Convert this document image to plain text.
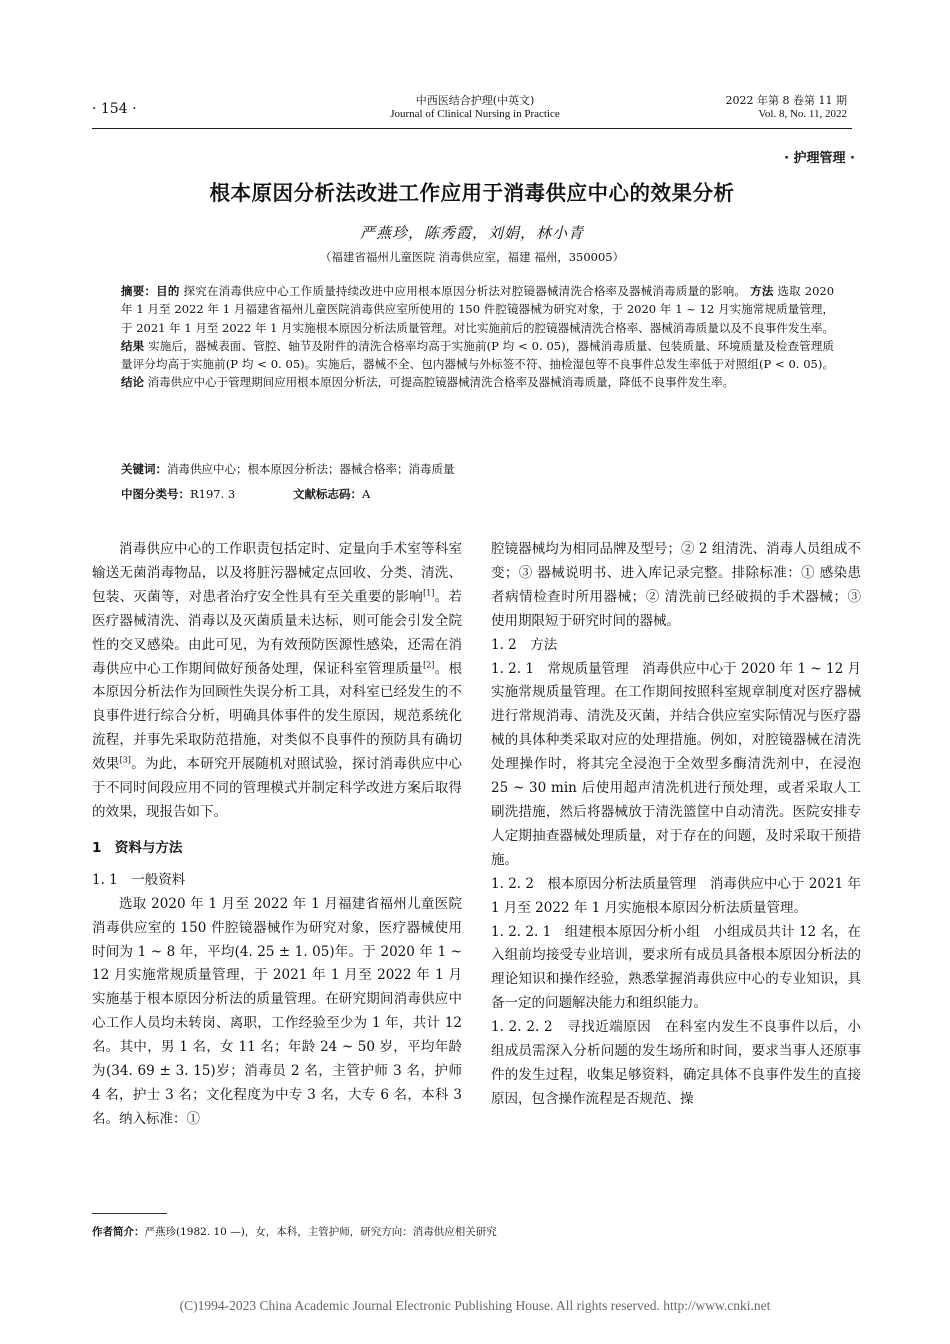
· 154 ·
中西医结合护理(中英文)
Journal of Clinical Nursing in Practice
2022 年第 8 卷第 11 期
Vol. 8, No. 11, 2022
· 护理管理 ·
根本原因分析法改进工作应用于消毒供应中心的效果分析
严燕珍，陈秀霞，刘娟，林小青
（福建省福州儿童医院 消毒供应室，福建 福州，350005）
摘要：目的 探究在消毒供应中心工作质量持续改进中应用根本原因分析法对腔镜器械清洗合格率及器械消毒质量的影响。 方法 选取 2020 年 1 月至 2022 年 1 月福建省福州儿童医院消毒供应室所使用的 150 件腔镜器械为研究对象，于 2020 年 1 ~ 12 月实施常规质量管理，于 2021 年 1 月至 2022 年 1 月实施根本原因分析法质量管理。对比实施前后的腔镜器械清洗合格率、器械消毒质量以及不良事件发生率。 结果 实施后，器械表面、管腔、轴节及附件的清洗合格率均高于实施前(P 均 < 0. 05)，器械消毒质量、包装质量、环境质量及检查管理质量评分均高于实施前(P 均 < 0. 05)。实施后，器械不全、包内器械与外标签不符、抽检湿包等不良事件总发生率低于对照组(P < 0. 05)。 结论 消毒供应中心于管理期间应用根本原因分析法，可提高腔镜器械清洗合格率及器械消毒质量，降低不良事件发生率。
关键词：消毒供应中心；根本原因分析法；器械合格率；消毒质量
中图分类号：R197. 3	文献标志码：A

消毒供应中心的工作职责包括定时、定量向手术室等科室输送无菌消毒物品，以及将脏污器械定点回收、分类、清洗、包装、灭菌等，对患者治疗安全性具有至关重要的影响[1]。若医疗器械清洗、消毒以及灭菌质量未达标，则可能会引发全院性的交叉感染。由此可见，为有效预防医源性感染，还需在消毒供应中心工作期间做好预备处理，保证科室管理质量[2]。根本原因分析法作为回顾性失误分析工具，对科室已经发生的不良事件进行综合分析，明确具体事件的发生原因，规范系统化流程，并事先采取防范措施，对类似不良事件的预防具有确切效果[3]。为此，本研究开展随机对照试验，探讨消毒供应中心于不同时间段应用不同的管理模式并制定科学改进方案后取得的效果，现报告如下。

1　资料与方法

1. 1　一般资料

选取 2020 年 1 月至 2022 年 1 月福建省福州儿童医院消毒供应室的 150 件腔镜器械作为研究对象，医疗器械使用时间为 1 ~ 8 年，平均(4. 25 ± 1. 05)年。于 2020 年 1 ~ 12 月实施常规质量管理，于 2021 年 1 月至 2022 年 1 月实施基于根本原因分析法的质量管理。在研究期间消毒供应中心工作人员均未转岗、离职，工作经验至少为 1 年，共计 12 名。其中，男 1 名，女 11 名；年龄 24 ~ 50 岁，平均年龄为(34. 69 ± 3. 15)岁；消毒员 2 名，主管护师 3 名，护师 4 名，护士 3 名；文化程度为中专 3 名，大专 6 名，本科 3 名。纳入标准：①

腔镜器械均为相同品牌及型号；② 2 组清洗、消毒人员组成不变；③ 器械说明书、进入库记录完整。排除标准：① 感染患者病情检查时所用器械；② 清洗前已经破损的手术器械；③ 使用期限短于研究时间的器械。

1. 2　方法

1. 2. 1　常规质量管理　消毒供应中心于 2020 年 1 ~ 12 月实施常规质量管理。在工作期间按照科室规章制度对医疗器械进行常规消毒、清洗及灭菌，并结合供应室实际情况与医疗器械的具体种类采取对应的处理措施。例如，对腔镜器械在清洗处理操作时，将其完全浸泡于全效型多酶清洗剂中，在浸泡 25 ~ 30 min 后使用超声清洗机进行预处理，或者采取人工刷洗措施，然后将器械放于清洗篮筐中自动清洗。医院安排专人定期抽查器械处理质量，对于存在的问题，及时采取干预措施。

1. 2. 2　根本原因分析法质量管理　消毒供应中心于 2021 年 1 月至 2022 年 1 月实施根本原因分析法质量管理。

1. 2. 2. 1　组建根本原因分析小组　小组成员共计 12 名，在入组前均接受专业培训，要求所有成员具备根本原因分析法的理论知识和操作经验，熟悉掌握消毒供应中心的专业知识，具备一定的问题解决能力和组织能力。

1. 2. 2. 2　寻找近端原因　在科室内发生不良事件以后，小组成员需深入分析问题的发生场所和时间，要求当事人还原事件的发生过程，收集足够资料，确定具体不良事件发生的直接原因，包含操作流程是否规范、操

作者简介：严燕珍(1982. 10 —)，女，本科，主管护师，研究方向：消毒供应相关研究
(C)1994-2023 China Academic Journal Electronic Publishing House. All rights reserved. http://www.cnki.net
